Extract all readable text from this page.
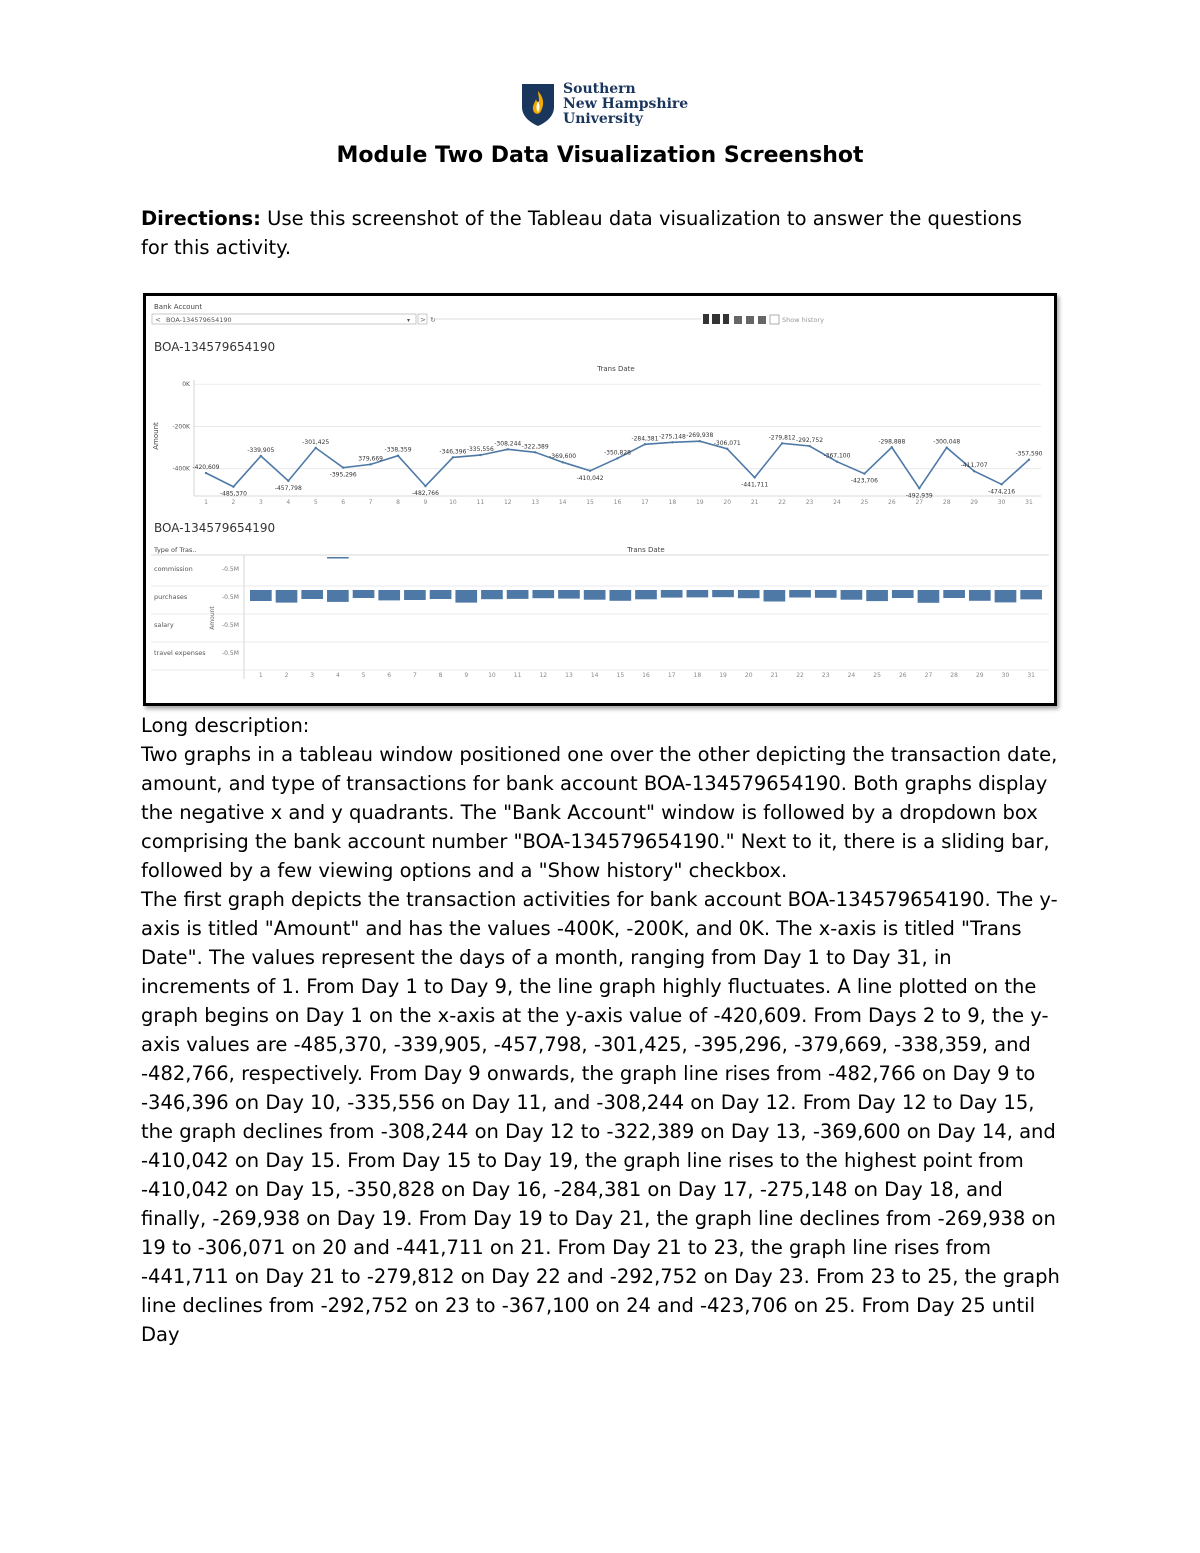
Southern
New Hampshire
University
Module Two Data Visualization Screenshot
Directions: Use this screenshot of the Tableau data visualization to answer the questions for this activity.
Bank Account
< BOA-134579654190	▾ > ↻	Show history
BOA-134579654190
Trans Date
Amount
-420,609
-485,370
-339,905
-457,798
-301,425
-395,296
379,669
-338,359
-482,766
-346,396 -335,556
-308,244 -322,389
-369,600
-410,042
-350,828
-284,381 -275,148 -269,938
-306,071
-441,711
-279,812 -292,752
-367,100
-423,706
-298,888
-492,939
-300,048
-411,707
-474,216
-357,590
1	2	3	4	5	6	7	8	9	10	11	12	13	14	15	16	17	18	19	20	21	22	23	24	25	26	27	28	29	30	31
0K
-200K
-400K
BOA-134579654190
Type of Tras..	Trans Date
commission	-0.5M
purchases	-0.5M
salary	-0.5M
travel expenses	-0.5M
Amount
1	2	3	4	5	6	7	8	9	10	11	12	13	14	15	16	17	18	19	20	21	22	23	24	25	26	27	28	29	30	31

Long description:

Two graphs in a tableau window positioned one over the other depicting the transaction date, amount, and type of transactions for bank account BOA-134579654190. Both graphs display the negative x and y quadrants. The "Bank Account" window is followed by a dropdown box comprising the bank account number "BOA-134579654190." Next to it, there is a sliding bar, followed by a few viewing options and a "Show history" checkbox.

The first graph depicts the transaction activities for bank account BOA-134579654190. The y-axis is titled "Amount" and has the values -400K, -200K, and 0K. The x-axis is titled "Trans Date". The values represent the days of a month, ranging from Day 1 to Day 31, in increments of 1. From Day 1 to Day 9, the line graph highly fluctuates. A line plotted on the graph begins on Day 1 on the x-axis at the y-axis value of -420,609. From Days 2 to 9, the y-axis values are -485,370, -339,905, -457,798, -301,425, -395,296, -379,669, -338,359, and -482,766, respectively. From Day 9 onwards, the graph line rises from -482,766 on Day 9 to -346,396 on Day 10, -335,556 on Day 11, and -308,244 on Day 12. From Day 12 to Day 15, the graph declines from -308,244 on Day 12 to -322,389 on Day 13, -369,600 on Day 14, and -410,042 on Day 15. From Day 15 to Day 19, the graph line rises to the highest point from -410,042 on Day 15, -350,828 on Day 16, -284,381 on Day 17, -275,148 on Day 18, and finally, -269,938 on Day 19. From Day 19 to Day 21, the graph line declines from -269,938 on 19 to -306,071 on 20 and -441,711 on 21. From Day 21 to 23, the graph line rises from -441,711 on Day 21 to -279,812 on Day 22 and -292,752 on Day 23. From 23 to 25, the graph line declines from -292,752 on 23 to -367,100 on 24 and -423,706 on 25. From Day 25 until Day
